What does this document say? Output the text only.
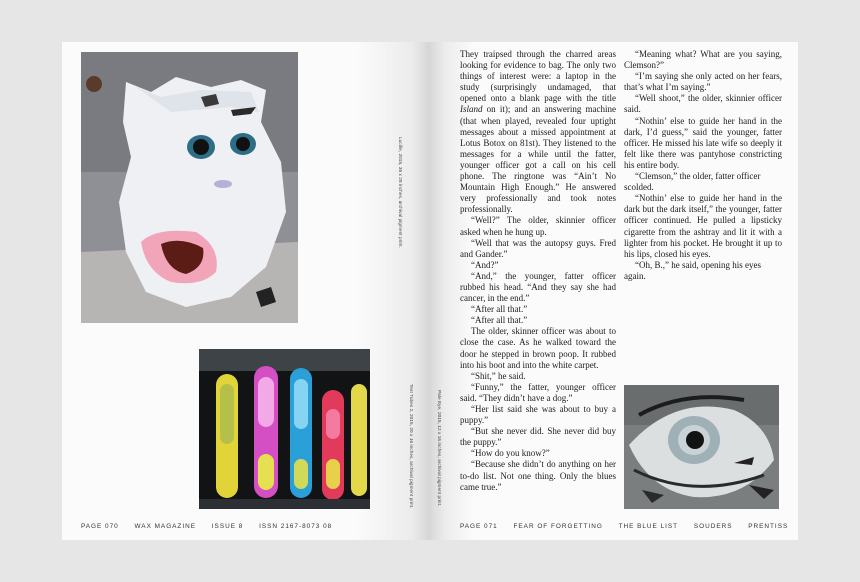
Lucille, 2015, 36 x 28 inches, archival pigment print.
Test Tubes 2, 2015, 20 x 16 inches, archival pigment print.
PAGE 070 WAX MAGAZINE ISSUE 8 ISSN 2167-8073 08
Pale Eye, 2015, 12 x 16 inches, archival pigment print.

They traipsed through the charred areas looking for evidence to bag. The only two things of interest were: a laptop in the study (surprisingly undamaged, that opened onto a blank page with the title Island on it); and an answering machine (that when played, revealed four uptight messages about a missed appointment at Lotus Botox on 81st). They listened to the messages for a while until the fatter, younger officer got a call on his cell phone. The ringtone was “Ain’t No Mountain High Enough.” He answered very professionally and took notes professionally.

“Well?” The older, skinnier officer asked when he hung up.

“Well that was the autopsy guys. Fred and Gander.”

“And?”

“And,” the younger, fatter officer rubbed his head. “And they say she had cancer, in the end.”

“After all that.”

“After all that.”

The older, skinner officer was about to close the case. As he walked toward the door he stepped in brown poop. It rubbed into his boot and into the white carpet.

“Shit,” he said.

“Funny,” the fatter, younger officer said. “They didn’t have a dog.”

“Her list said she was about to buy a puppy.”

“But she never did. She never did buy the puppy.”

“How do you know?”

“Because she didn’t do anything on her to-do list. Not one thing. Only the blues came true.”

“Meaning what? What are you saying, Clemson?”

“I’m saying she only acted on her fears, that’s what I’m saying.”

“Well shoot,” the older, skinnier officer said.

“Nothin’ else to guide her hand in the dark, I’d guess,” said the younger, fatter officer. He missed his late wife so deeply it felt like there was pantyhose constricting his entire body.

“Clemson,” the older, fatter officer scolded.

“Nothin’ else to guide her hand in the dark but the dark itself,” the younger, fatter officer continued. He pulled a lipsticky cigarette from the ashtray and lit it with a lighter from his pocket. He brought it up to his lips, closed his eyes.

“Oh, B.,” he said, opening his eyes again.

PAGE 071 FEAR OF FORGETTING THE BLUE LIST SOUDERS PRENTISS
